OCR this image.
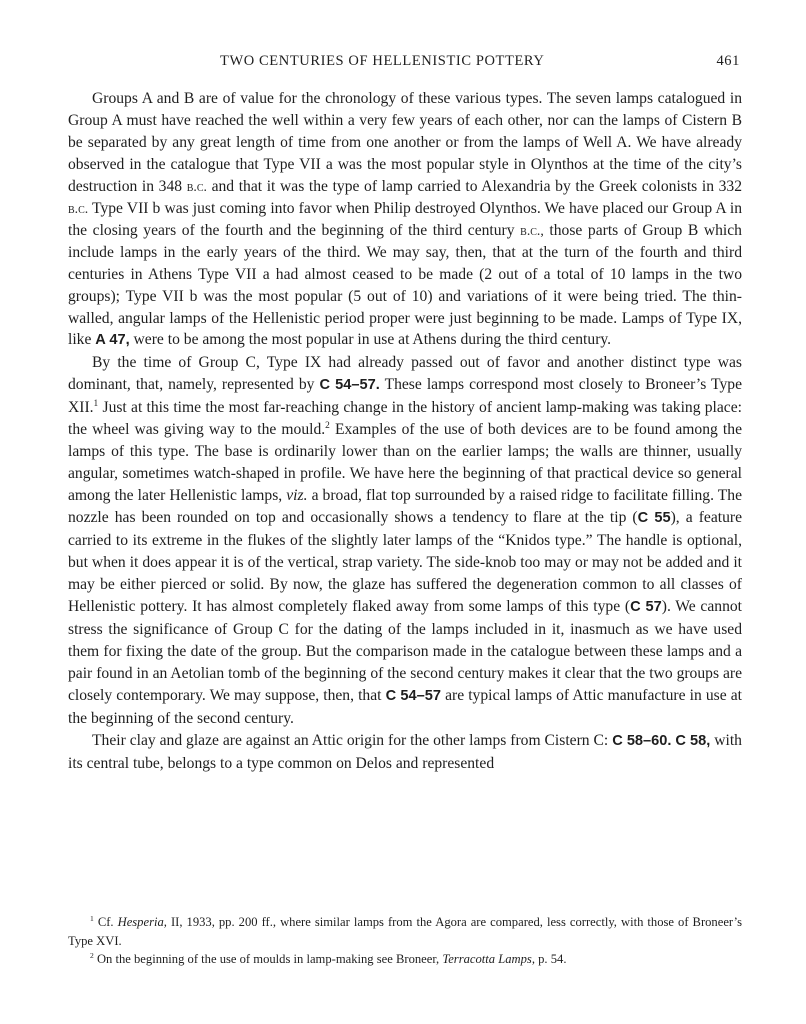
TWO CENTURIES OF HELLENISTIC POTTERY	461

Groups A and B are of value for the chronology of these various types. The seven lamps catalogued in Group A must have reached the well within a very few years of each other, nor can the lamps of Cistern B be separated by any great length of time from one another or from the lamps of Well A. We have already observed in the catalogue that Type VII a was the most popular style in Olynthos at the time of the city’s destruction in 348 b.c. and that it was the type of lamp carried to Alexandria by the Greek colonists in 332 b.c. Type VII b was just coming into favor when Philip destroyed Olynthos. We have placed our Group A in the closing years of the fourth and the beginning of the third century b.c., those parts of Group B which include lamps in the early years of the third. We may say, then, that at the turn of the fourth and third centuries in Athens Type VII a had almost ceased to be made (2 out of a total of 10 lamps in the two groups); Type VII b was the most popular (5 out of 10) and variations of it were being tried. The thin-walled, angular lamps of the Hellenistic period proper were just beginning to be made. Lamps of Type IX, like A 47, were to be among the most popular in use at Athens during the third century.

By the time of Group C, Type IX had already passed out of favor and another distinct type was dominant, that, namely, represented by C 54–57. These lamps correspond most closely to Broneer’s Type XII.$^1$ Just at this time the most far-reaching change in the history of ancient lamp-making was taking place: the wheel was giving way to the mould.$^2$ Examples of the use of both devices are to be found among the lamps of this type. The base is ordinarily lower than on the earlier lamps; the walls are thinner, usually angular, sometimes watch-shaped in profile. We have here the beginning of that practical device so general among the later Hellenistic lamps, viz. a broad, flat top surrounded by a raised ridge to facilitate filling. The nozzle has been rounded on top and occasionally shows a tendency to flare at the tip (C 55), a feature carried to its extreme in the flukes of the slightly later lamps of the “Knidos type.” The handle is optional, but when it does appear it is of the vertical, strap variety. The side-knob too may or may not be added and it may be either pierced or solid. By now, the glaze has suffered the degeneration common to all classes of Hellenistic pottery. It has almost completely flaked away from some lamps of this type (C 57). We cannot stress the significance of Group C for the dating of the lamps included in it, inasmuch as we have used them for fixing the date of the group. But the comparison made in the catalogue between these lamps and a pair found in an Aetolian tomb of the beginning of the second century makes it clear that the two groups are closely contemporary. We may suppose, then, that C 54–57 are typical lamps of Attic manufacture in use at the beginning of the second century.

Their clay and glaze are against an Attic origin for the other lamps from Cistern C: C 58–60. C 58, with its central tube, belongs to a type common on Delos and represented

$^1$ Cf. Hesperia, II, 1933, pp. 200 ff., where similar lamps from the Agora are compared, less correctly, with those of Broneer’s Type XVI.

$^2$ On the beginning of the use of moulds in lamp-making see Broneer, Terracotta Lamps, p. 54.
